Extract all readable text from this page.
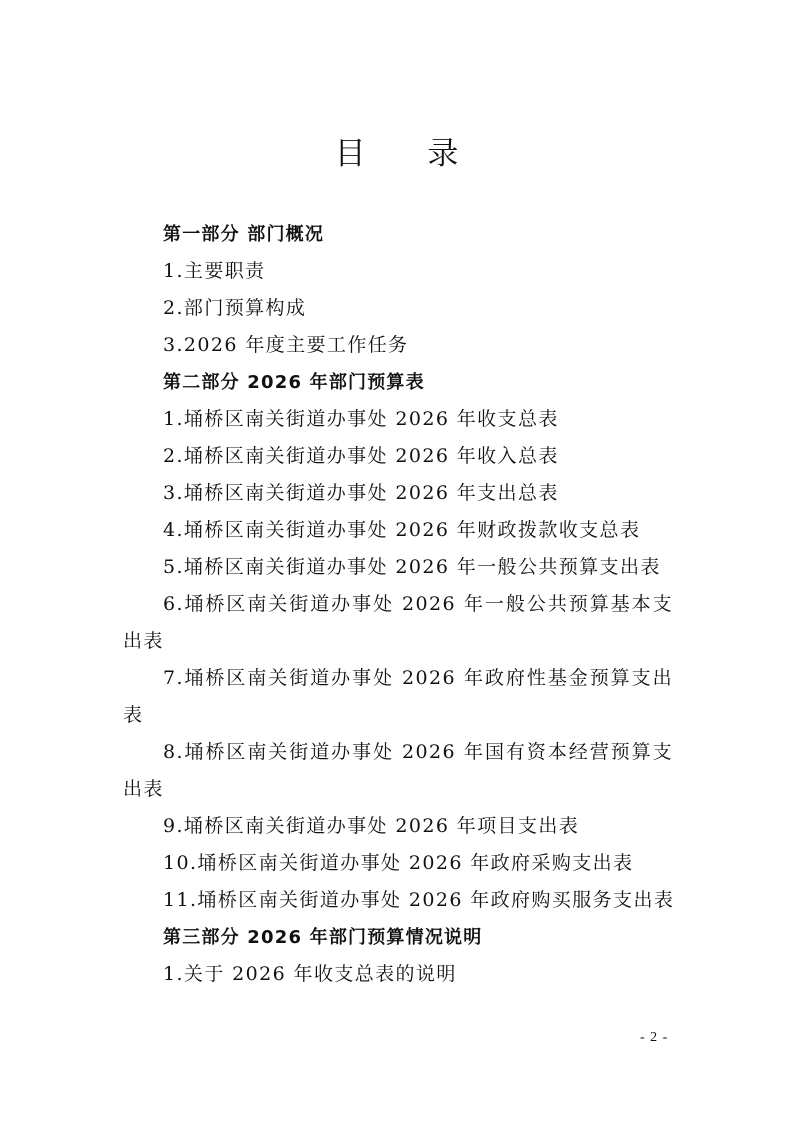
目 录
第一部分 部门概况
1.主要职责
2.部门预算构成
3.2026 年度主要工作任务
第二部分 2026 年部门预算表
1.埇桥区南关街道办事处 2026 年收支总表
2.埇桥区南关街道办事处 2026 年收入总表
3.埇桥区南关街道办事处 2026 年支出总表
4.埇桥区南关街道办事处 2026 年财政拨款收支总表
5.埇桥区南关街道办事处 2026 年一般公共预算支出表
6.埇桥区南关街道办事处 2026 年一般公共预算基本支出表
7.埇桥区南关街道办事处 2026 年政府性基金预算支出表
8.埇桥区南关街道办事处 2026 年国有资本经营预算支出表
9.埇桥区南关街道办事处 2026 年项目支出表
10.埇桥区南关街道办事处 2026 年政府采购支出表
11.埇桥区南关街道办事处 2026 年政府购买服务支出表
第三部分 2026 年部门预算情况说明
1.关于 2026 年收支总表的说明
- 2 -
